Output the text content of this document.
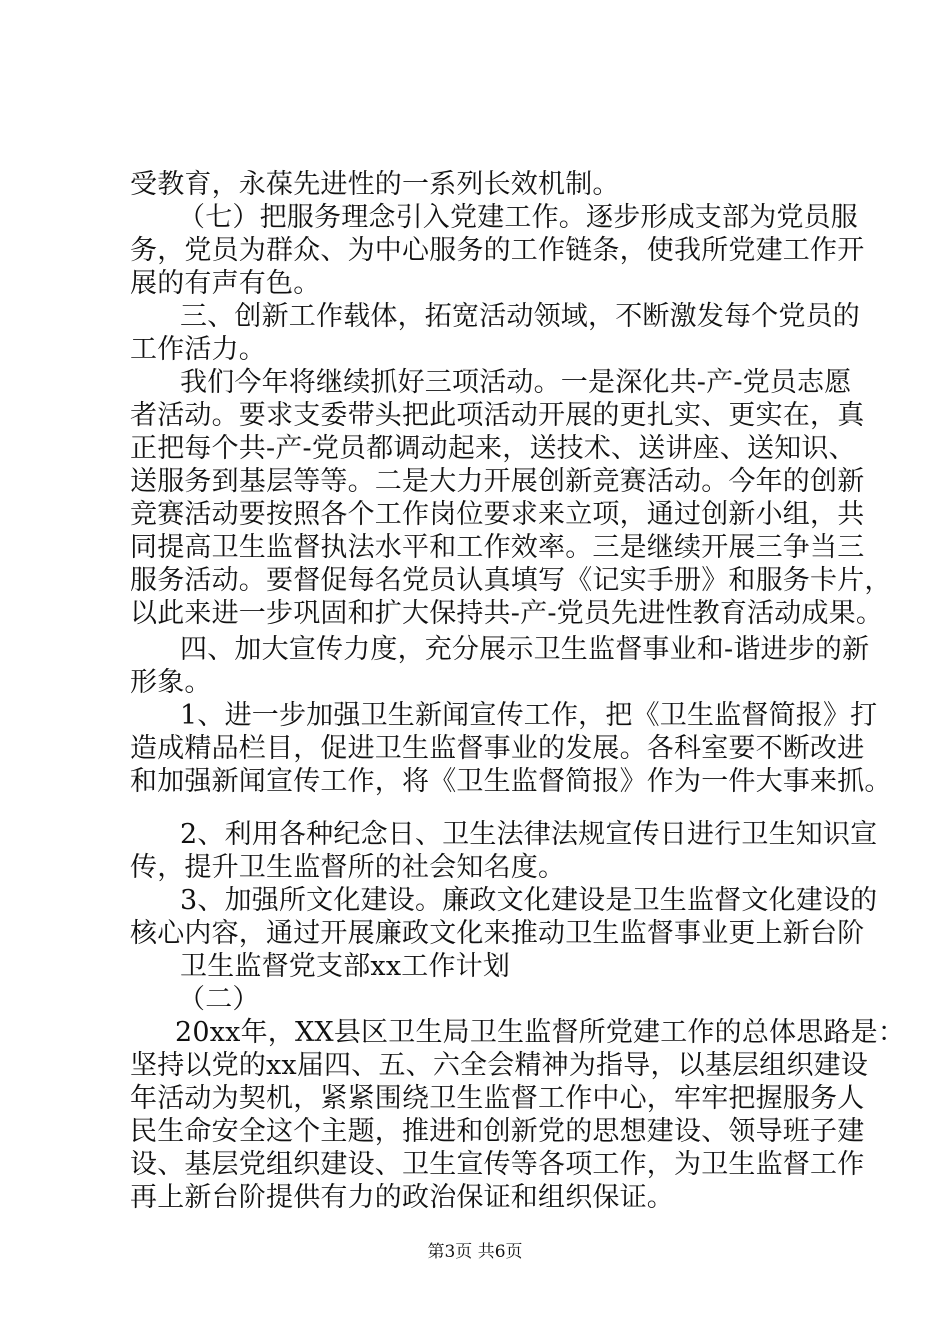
受教育，永葆先进性的一系列长效机制。
（七）把服务理念引入党建工作。逐步形成支部为党员服
务，党员为群众、为中心服务的工作链条，使我所党建工作开
展的有声有色。
三、创新工作载体，拓宽活动领域，不断激发每个党员的
工作活力。
我们今年将继续抓好三项活动。一是深化共-产-党员志愿
者活动。要求支委带头把此项活动开展的更扎实、更实在，真
正把每个共-产-党员都调动起来，送技术、送讲座、送知识、
送服务到基层等等。二是大力开展创新竞赛活动。今年的创新
竞赛活动要按照各个工作岗位要求来立项，通过创新小组，共
同提高卫生监督执法水平和工作效率。三是继续开展三争当三
服务活动。要督促每名党员认真填写《记实手册》和服务卡片，
以此来进一步巩固和扩大保持共-产-党员先进性教育活动成果。
四、加大宣传力度，充分展示卫生监督事业和-谐进步的新
形象。
1、进一步加强卫生新闻宣传工作，把《卫生监督简报》打
造成精品栏目，促进卫生监督事业的发展。各科室要不断改进
和加强新闻宣传工作，将《卫生监督简报》作为一件大事来抓。
2、利用各种纪念日、卫生法律法规宣传日进行卫生知识宣
传，提升卫生监督所的社会知名度。
3、加强所文化建设。廉政文化建设是卫生监督文化建设的
核心内容，通过开展廉政文化来推动卫生监督事业更上新台阶
卫生监督党支部xx工作计划
（二）
20xx年，XX县区卫生局卫生监督所党建工作的总体思路是：
坚持以党的xx届四、五、六全会精神为指导，以基层组织建设
年活动为契机，紧紧围绕卫生监督工作中心，牢牢把握服务人
民生命安全这个主题，推进和创新党的思想建设、领导班子建
设、基层党组织建设、卫生宣传等各项工作，为卫生监督工作
再上新台阶提供有力的政治保证和组织保证。
第3页 共6页
